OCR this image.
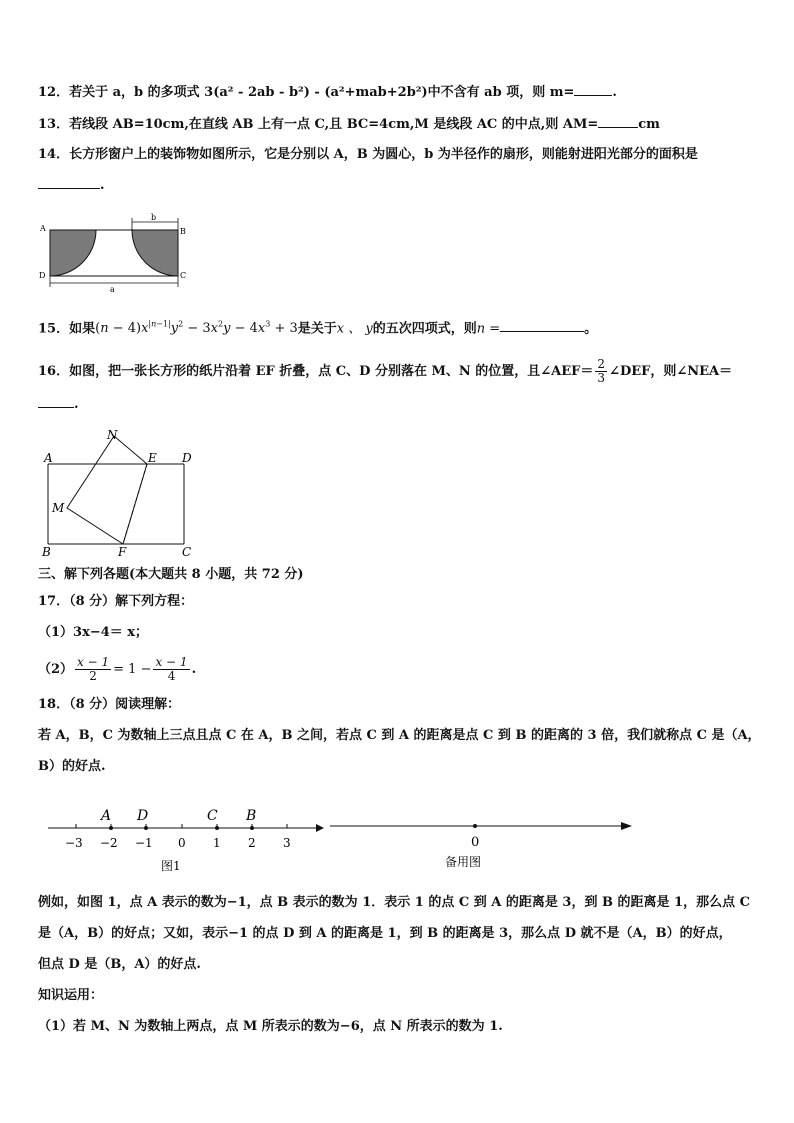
12．若关于 a，b 的多项式 3(a² - 2ab - b²) - (a²+mab+2b²)中不含有 ab 项，则 m=	.
13．若线段 AB=10cm,在直线 AB 上有一点 C,且 BC=4cm,M 是线段 AC 的中点,则 AM=	cm
14．长方形窗户上的装饰物如图所示，它是分别以 A，B 为圆心，b 为半径作的扇形，则能射进阳光部分的面积是
.
A	B
C
D
b
a
15．如果$(n - 4)x^{|n-1|}y^2 - 3x^2y - 4x^3 + 3$是关于x 、 y的五次四项式，则n =	。
16．如图，把一张长方形的纸片沿着 EF 折叠，点 C、D 分别落在 M、N 的位置，且∠AEF＝ $\frac{2}{3}$ ∠DEF，则∠NEA＝
.
A
B	C
D
E
F
M
N
三、解下列各题(本大题共 8 小题，共 72 分)
17．（8 分）解下列方程：
（1）3x−4＝ x；
$(2) \frac{x - 1}{2} = 1 - \frac{x - 1}{4}$ .
18．（8 分）阅读理解：
若 A，B，C 为数轴上三点且点 C 在 A，B 之间，若点 C 到 A 的距离是点 C 到 B 的距离的 3 倍，我们就称点 C 是（A，
B）的好点.
A D	C B
−3 −2 −1 0 1 2 3
图1
0
备用图
例如，如图 1，点 A 表示的数为−1，点 B 表示的数为 1．表示 1 的点 C 到 A 的距离是 3，到 B 的距离是 1，那么点 C
是（A，B）的好点；又如，表示−1 的点 D 到 A 的距离是 1，到 B 的距离是 3，那么点 D 就不是（A，B）的好点，
但点 D 是（B，A）的好点.
知识运用：
（1）若 M、N 为数轴上两点，点 M 所表示的数为−6，点 N 所表示的数为 1.
